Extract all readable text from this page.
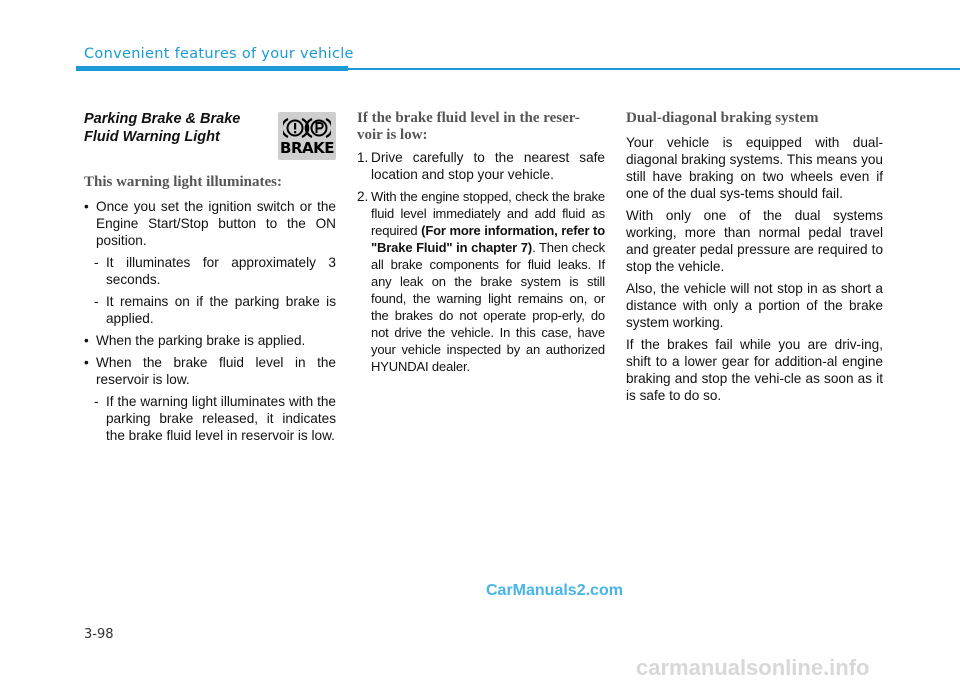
Convenient features of your vehicle
Parking Brake & Brake
Fluid Warning Light
BRAKE
This warning light illuminates:
• Once you set the ignition switch or the Engine Start/Stop button to the ON position.
- It illuminates for approximately 3 seconds.
- It remains on if the parking brake is applied.
• When the parking brake is applied.
• When the brake fluid level in the reservoir is low.
- If the warning light illuminates with the parking brake released, it indicates the brake fluid level in reservoir is low.
If the brake fluid level in the reser-voir is low:
1. Drive carefully to the nearest safe location and stop your vehicle.
2. With the engine stopped, check the brake fluid level immediately and add fluid as required (For more information, refer to "Brake Fluid" in chapter 7). Then check all brake components for fluid leaks. If any leak on the brake system is still found, the warning light remains on, or the brakes do not operate prop-erly, do not drive the vehicle. In this case, have your vehicle inspected by an authorized HYUNDAI dealer.
Dual-diagonal braking system

Your vehicle is equipped with dual-diagonal braking systems. This means you still have braking on two wheels even if one of the dual sys-tems should fail.

With only one of the dual systems working, more than normal pedal travel and greater pedal pressure are required to stop the vehicle.

Also, the vehicle will not stop in as short a distance with only a portion of the brake system working.

If the brakes fail while you are driv-ing, shift to a lower gear for addition-al engine braking and stop the vehi-cle as soon as it is safe to do so.

3-98
CarManuals2.com
carmanualsonline.info
